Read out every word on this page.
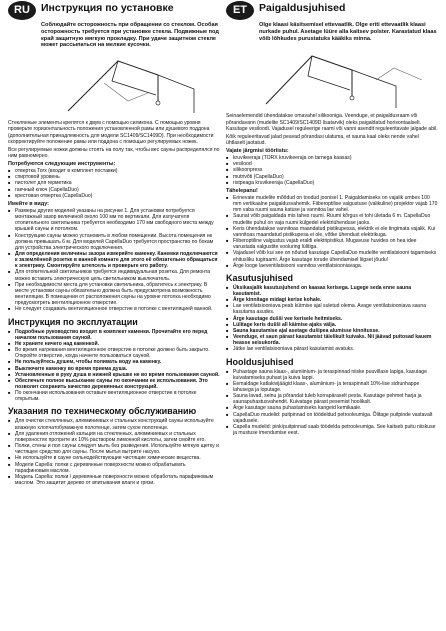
RU	Инструкция по установке
Соблюдайте осторожность при обращении со стеклом. Особая осторожность требуется при установке стекла. Подвижные под край защитную мягкую прокладку. При удаче защитном стекле может рассыпаться на мелкие кусочки.

Стеклянные элементы крепятся к двум с помощью силикона. С помощью уровня проверьте горизонтальность положения установленной рамы или душевого поддона (дополнительная принадлежность для модели SC1409/SC1409D). При необходимости скорректируйте положение рамы или поддона с помощью регулируемых ножек.

Все регулируемые ножки должны стоять на полу так, чтобы вес сауны распределялся по ним равномерно.

Потребуются следующие инструменты:
■ отвертка Torx (входит в комплект поставки)
■ спиртовой уровень
■ пистолет для герметика
■ гаечный ключ (CapellaDuo)
■ крестовая отвертка (CapellaDuo)
Имейте в виду:
■ Размеры других моделей указаны на рисунке 1. Для установки потребуется монтажный зазор величиной около 100 мм по вертикали. Для излучателя отопительного светильника требуется необходимо 170 мм свободного места между крышей сауны и потолком.
■ Конструкцию сауны можно установить в любом помещении. Высота помещения не должна превышать 6 м. Для моделей CapellaDuo требуется пространство по бокам для устройства электрического подключения.
■ Для определения величины зазора измеряйте каменку. Канемки подключаются к заземлённой розетке в ванной комнате для этого её обязательно обращаться к электрику. Смонтируйте штепсель и проверьте его работу.
■ Для отопительной светильников требуется индивидуальная розетка. Для ремонта можно вставить электрическую цепь светильником выключатель.
■ При необходимости места для установки светильника, обратитесь к электрику. В месте установки сауны обязательно должна быть предусмотрена возможность вентиляции. В помещении от расположения сауны на уровне потолка необходимо предусмотреть вентиляционное отверстие.
■ Не следует создавать вентиляционное отверстие в потолке с вентиляцией ванной.
Инструкция по эксплуатации
■ Подробные руководство входит в комплект каменки. Прочитайте его перед началом пользования сауной.
■ Не храните ничего над каменкой.
■ Во время нагревания вентиляционное отверстие в потолке должно быть закрыто. Откройте отверстие, когда начнете пользоваться сауной.
■ Не пользуйтесь душем, чтобы поливать воду на каменку.
■ Выключите каменку во время приема душа.
■ Установленные в руку душа в нижней крышке не во время пользования сауной.
■ Обеспечьте полное высыхание сауны по окончании ее использования. Это позволит сохранить качество деревянных конструкций.
■ По окончании использования оставьте вентиляционное отверстие в потолке открытым.
Указания по техническому обслуживанию
■ Для очистки стеклянных, алюминиевых и стальных конструкций сауны используйте влажную хлопчатобумажную полотенце, затем сухое полотенце.
■ Для удаления отложений кальция на стеклянных, алюминиевых и стальных поверхностях протрите их 10% раствором лимонной кислоты, затем смойте его.
■ Полки, стены и пол сауны следует мыть без разведения. Используйте мягкую щетку и чистящее средство для сауны. После мытья вытрите насухо.
■ Не используйте в сауне сильнодействующие чистящие химические вещества.
■ Модели Capella: полки с деревянные поверхности можно обрабатывать парафиновым маслом.
■ Модель Capella: полки / деревянные поверхности можно обработать парафиновым маслом. Это защитит дерево от впитывания влаги и грязи.
ET	Paigaldusjuhised
Olge klaasi käsitsemisel ettevaatlik. Olge eriti ettevaatlik klaasi nurkade puhul. Asetage lüüre alla kaitsev polster. Karastatud klaas võib lõhkudes purustatuks kääkiks minna.

Seinaelemendid ühendatakse omavahel silikooniga. Veenduge, et paigaldusraam või põrandavann (mudelite SC1409/SC1409D lisatarvik) oleks paigaldatud horisontaalselt. Kasutage vesiloodi. Vajadusel reguleerige raami või vanni asendit reguleeritavate jalgade abil.

Kõik reguleeritavad jalad peavad põrandasi ulatuma, et sauna kaal oleks nende vahel ühtlaselt jaotatud.

Vajate järgmisi tööriistu:
■ kruvikeeraja (TORX kruvikeeraja on tarnega kaasas)
■ vesilood
■ silikoonpress
■ mutrivõti (CapellaDuo)
■ ristpeaga kruvikeeraja (CapellaDuo)
Tähelepanu!
■ Erinevate mudelite mõõdud on toodud joonisel 1. Paigaldamiseks on vajalik umbes 100 mm vertikaalne paigaldusvahemik. Fiiberoptilise valgustuse (valikuline) projektor vajab 170 mm vaba ruumi sauna katuse ja vannitoa lae vahel.
■ Saunat võib paigaldada mis tahes ruumi. Ruumi kõrgus ei tohi ületada 6 m. CapellaDuo mudelite puhul on vaja ruumi külgedel elektriühenduse jaoks.
■ Keris ühendatakse vannitoas maandatud pistikupessa, elektrik ei ole tingimata vajalik. Kui vannitoas maandatud pistikupesa ei ole, võtke ühendust elektrikuga.
■ Fiiberoptiline valgustus vajab eraldi elektripistikut. Mugavuse huvides on hea idee varustada valgustite vooluring lülitiga.
■ Vajadusel võib kui see on nõutud kasutage CapellaDuo mudelite ventilatsiooni tagamiseks ehitusliku tugiraami. Ärge kasutage torude ühendamisel liigset jõudu!
■ Ärge looge laeventilatsiooni vannitoa ventilatsiooniavaga.
Kasutusjuhised
■ Üksikasjalik kasutusjuhend on kaasas kerisega. Lugege seda enne sauna kasutamist.
■ Ärge kinnitage midagi kerise kohale.
■ Lae ventilatsiooniava peab kütmise ajal suletud olema. Avage ventilatsiooniava sauna kasutama asudes.
■ Ärge kasutage dušši vee kerisele heitmiseks.
■ Lülitage keris dušši all käimise ajaks välja.
■ Sauna kasutamise ajal asetage dušipea alumisse kinnitusse.
■ Veenduge, et saun pärast kasutamist täielikult kuivaks. Nii jäävad puitosad kauem heasse seisukorda.
■ Jätke lae ventilatsiooniava pärast kasutamist avatuks.
Hooldusjuhised
■ Puhastage sauna klaas-, alumiinium- ja teraspinnad niiske puuvillase lapiga, kasutage kuivatamiseks puhast ja kuiva lappi.
■ Eemaldage katlakivijäägid klaas-, alumiinium- ja teraspinnalt 10%-lise sidrunhappe lahusega ja loputage.
■ Sauna lavad, seinu ja põrandat tuleb korrapäraselt pesta. Kasutage pehmet harja ja saunapuhastusvahendit. Kuivatage pärast pesemist hoolikalt.
■ Ärge kasutage sauna puhastamiseks kangeid kemikaale.
■ CapellaDuo mudelid: puitpinnad on töödeldud petrooleumiga. Õlitage puitpinde vastavalt vajadusele.
■ Capella mudelid: pink/puitpinnad saab töödelda petrooleumiga. See kaitseb puitu niiskuse ja mustuse imendumise eest.
